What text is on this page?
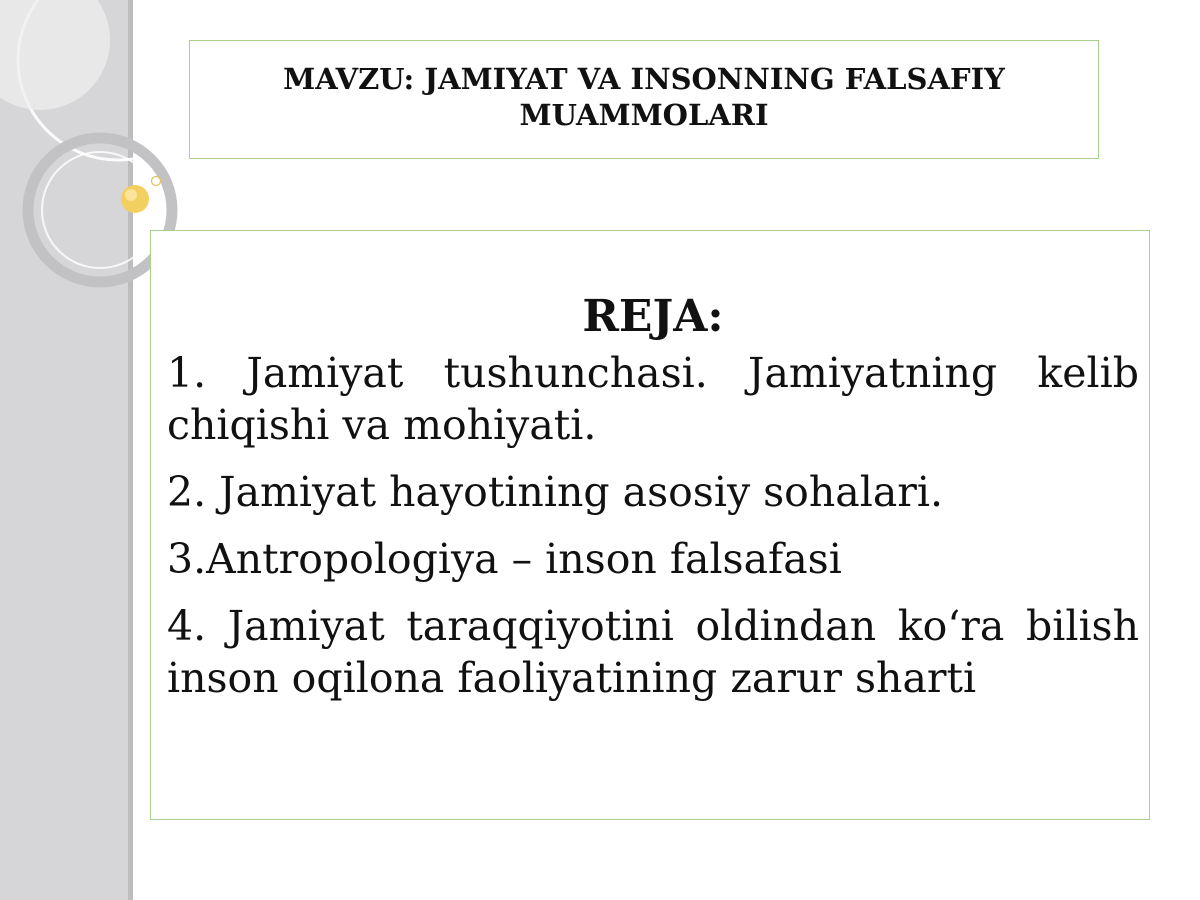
MAVZU: JAMIYAT VA INSONNING FALSAFIY MUAMMOLARI
REJA:

1. Jamiyat tushunchasi. Jamiyatning kelib chiqishi va mohiyati.

2. Jamiyat hayotining asosiy sohalari.

3.Antropologiya – inson falsafasi

4. Jamiyat taraqqiyotini oldindan ko‘ra bilish inson oqilona faoliyatining zarur sharti
